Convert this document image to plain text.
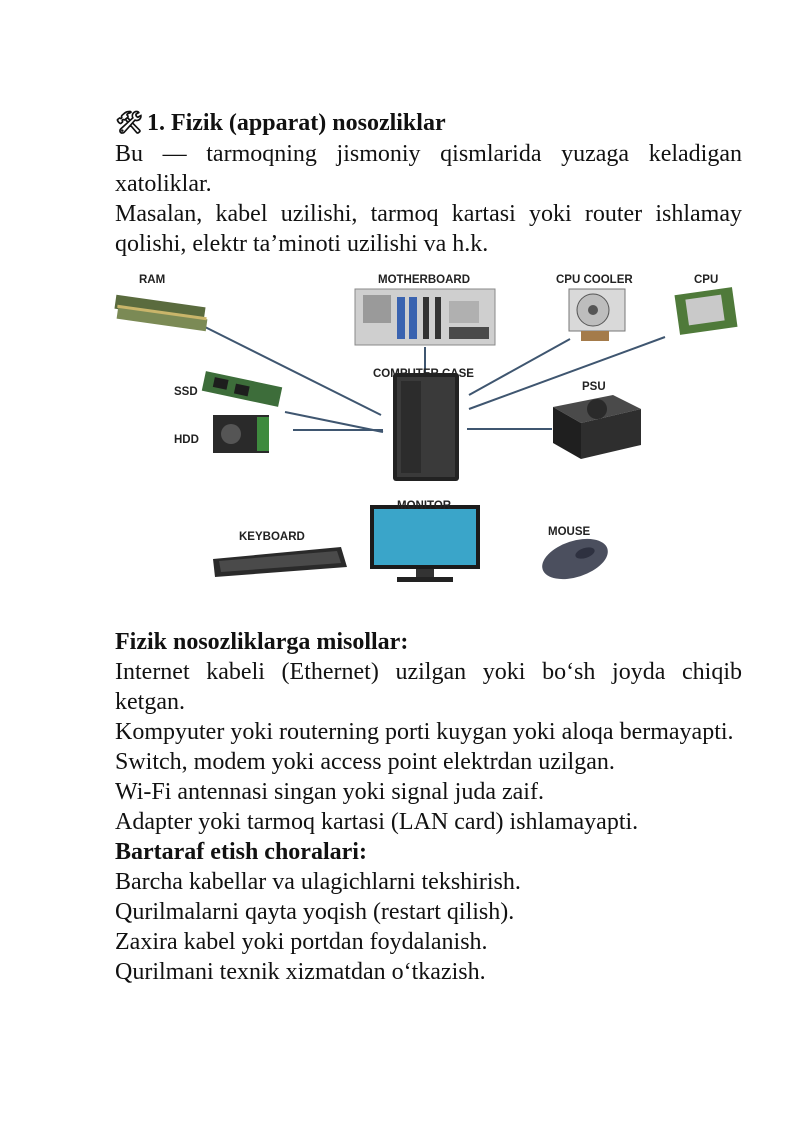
🛠 1. Fizik (apparat) nosozliklar

Bu — tarmoqning jismoniy qismlarida yuzaga keladigan xatoliklar.

Masalan, kabel uzilishi, tarmoq kartasi yoki router ishlamay qolishi, elektr ta’minoti uzilishi va h.k.

RAM	MOTHERBOARD	CPU COOLER	CPU
SSD
HDD
COMPUTER CASE
PSU
MONITOR
KEYBOARD	MOUSE

Fizik nosozliklarga misollar:

Internet kabeli (Ethernet) uzilgan yoki bo‘sh joyda chiqib ketgan.

Kompyuter yoki routerning porti kuygan yoki aloqa bermayapti.

Switch, modem yoki access point elektrdan uzilgan.

Wi-Fi antennasi singan yoki signal juda zaif.

Adapter yoki tarmoq kartasi (LAN card) ishlamayapti.

Bartaraf etish choralari:

Barcha kabellar va ulagichlarni tekshirish.

Qurilmalarni qayta yoqish (restart qilish).

Zaxira kabel yoki portdan foydalanish.

Qurilmani texnik xizmatdan o‘tkazish.
